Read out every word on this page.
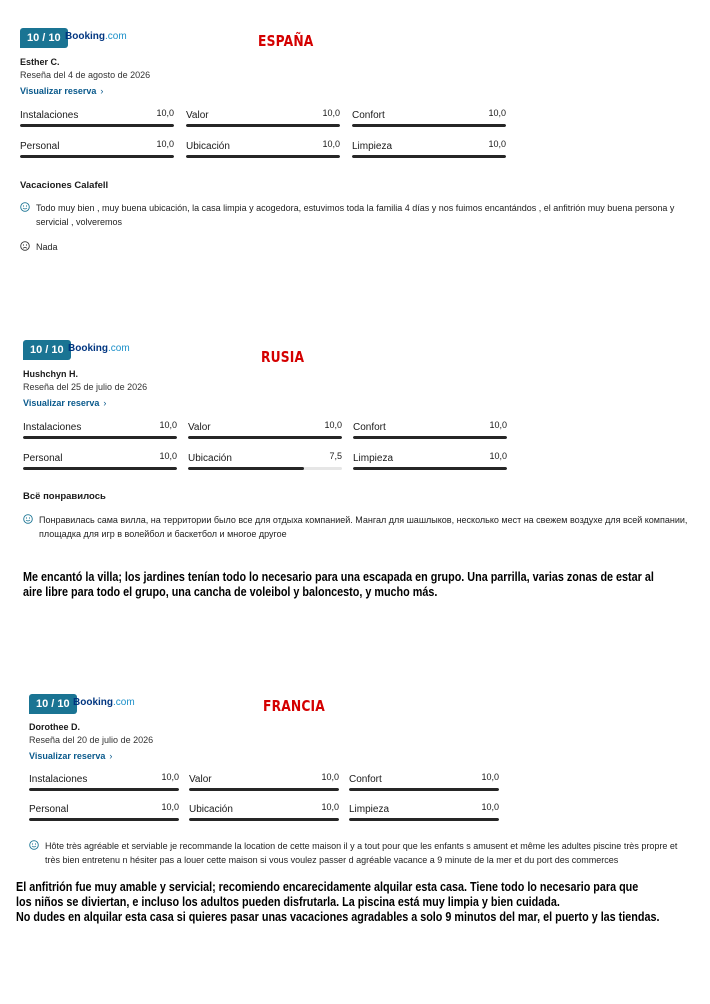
10 / 10 Booking.com	ESPAÑA
Esther C.
Reseña del 4 de agosto de 2026
Visualizar reserva ›
Instalaciones	10,0 Valor	10,0 Confort	10,0
Personal	10,0 Ubicación	10,0 Limpieza	10,0
Vacaciones Calafell
Todo muy bien , muy buena ubicación, la casa limpia y acogedora, estuvimos toda la familia 4 días y nos fuimos encantándos , el anfitrión muy buena persona y servicial , volveremos
Nada
10 / 10 Booking.com	RUSIA
Hushchyn H.
Reseña del 25 de julio de 2026
Visualizar reserva ›
Instalaciones	10,0 Valor	10,0 Confort	10,0
Personal	10,0 Ubicación	7,5 Limpieza	10,0
Всё понравилось
Понравилась сама вилла, на территории было все для отдыха компанией. Мангал для шашлыков, несколько мест на свежем воздухе для всей компании, площадка для игр в волейбол и баскетбол и многое другое
Me encantó la villa; los jardines tenían todo lo necesario para una escapada en grupo. Una parrilla, varias zonas de estar al aire libre para todo el grupo, una cancha de voleibol y baloncesto, y mucho más.
10 / 10 Booking.com	FRANCIA
Dorothee D.
Reseña del 20 de julio de 2026
Visualizar reserva ›
Instalaciones	10,0 Valor	10,0 Confort	10,0
Personal	10,0 Ubicación	10,0 Limpieza	10,0
Hôte très agréable et serviable je recommande la location de cette maison il y a tout pour que les enfants s amusent et même les adultes piscine très propre et très bien entretenu n hésiter pas a louer cette maison si vous voulez passer d agréable vacance a 9 minute de la mer et du port des commerces
El anfitrión fue muy amable y servicial; recomiendo encarecidamente alquilar esta casa. Tiene todo lo necesario para que
los niños se diviertan, e incluso los adultos pueden disfrutarla. La piscina está muy limpia y bien cuidada.
No dudes en alquilar esta casa si quieres pasar unas vacaciones agradables a solo 9 minutos del mar, el puerto y las tiendas.
